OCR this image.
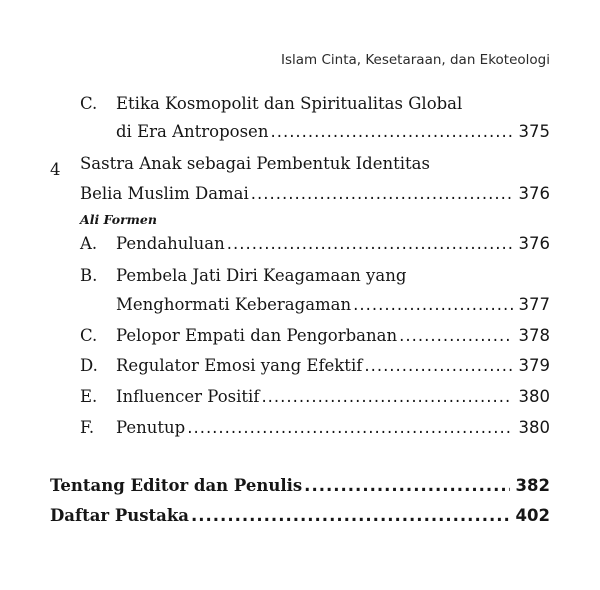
Islam Cinta, Kesetaraan, dan Ekoteologi
C. Etika Kosmopolit dan Spiritualitas Global
di Era Antroposen .....	375
4 Sastra Anak sebagai Pembentuk Identitas
Belia Muslim Damai .....	376
Ali Formen
A. Pendahuluan .....	376
B. Pembela Jati Diri Keagamaan yang
Menghormati Keberagaman .....	377
C. Pelopor Empati dan Pengorbanan .....	378
D. Regulator Emosi yang Efektif .....	379
E. Influencer Positif .....	380
F. Penutup .....	380
Tentang Editor dan Penulis .....	382
Daftar Pustaka .....	402
